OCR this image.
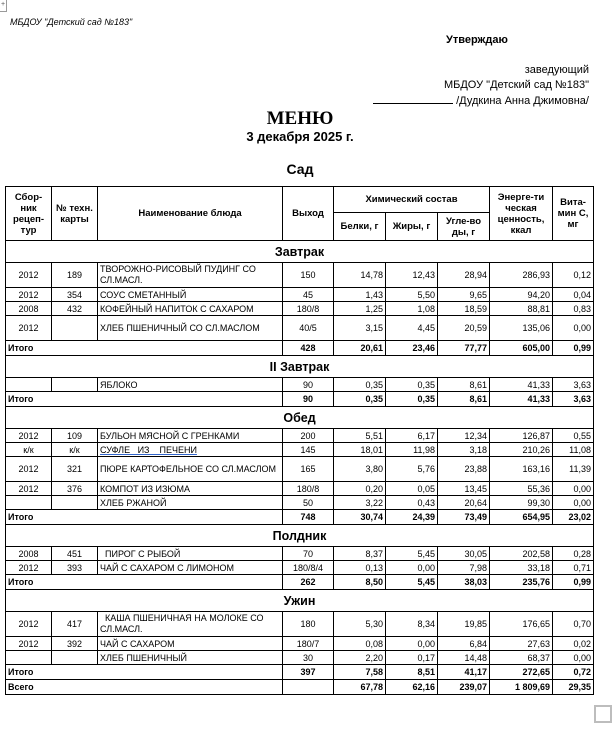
+
МБДОУ "Детский сад №183"
Утверждаю
заведующий
МБДОУ "Детский сад №183"
/Дудкина Анна Джимовна/
МЕНЮ
3 декабря 2025 г.
Сад
Сбор-ник рецеп-тур	№ техн. карты	Наименование блюда	Выход	Химический состав			Энерге-ти ческая ценность, ккал	Вита-мин С, мг
				Белки, г	Жиры, г	Угле-во ды, г		
Завтрак								
2012	189	ТВОРОЖНО-РИСОВЫЙ ПУДИНГ СО СЛ.МАСЛ.	150	14,78	12,43	28,94	286,93	0,12
2012	354	СОУС СМЕТАННЫЙ	45	1,43	5,50	9,65	94,20	0,04
2008	432	КОФЕЙНЫЙ НАПИТОК С САХАРОМ	180/8	1,25	1,08	18,59	88,81	0,83
2012		ХЛЕБ ПШЕНИЧНЫЙ СО СЛ.МАСЛОМ	40/5	3,15	4,45	20,59	135,06	0,00
Итого			428	20,61	23,46	77,77	605,00	0,99
II Завтрак								
		ЯБЛОКО	90	0,35	0,35	8,61	41,33	3,63
Итого			90	0,35	0,35	8,61	41,33	3,63
Обед								
2012	109	БУЛЬОН МЯСНОЙ С ГРЕНКАМИ	200	5,51	6,17	12,34	126,87	0,55
к/к	к/к	СУФЛЕ   ИЗ    ПЕЧЕНИ	145	18,01	11,98	3,18	210,26	11,08
2012	321	ПЮРЕ КАРТОФЕЛЬНОЕ СО СЛ.МАСЛОМ	165	3,80	5,76	23,88	163,16	11,39
2012	376	КОМПОТ ИЗ ИЗЮМА	180/8	0,20	0,05	13,45	55,36	0,00
		ХЛЕБ РЖАНОЙ	50	3,22	0,43	20,64	99,30	0,00
Итого			748	30,74	24,39	73,49	654,95	23,02
Полдник								
2008	451	ПИРОГ С РЫБОЙ	70	8,37	5,45	30,05	202,58	0,28
2012	393	ЧАЙ С САХАРОМ С ЛИМОНОМ	180/8/4	0,13	0,00	7,98	33,18	0,71
Итого			262	8,50	5,45	38,03	235,76	0,99
Ужин								
2012	417	КАША ПШЕНИЧНАЯ НА МОЛОКЕ СО СЛ.МАСЛ.	180	5,30	8,34	19,85	176,65	0,70
2012	392	ЧАЙ С САХАРОМ	180/7	0,08	0,00	6,84	27,63	0,02
		ХЛЕБ ПШЕНИЧНЫЙ	30	2,20	0,17	14,48	68,37	0,00
Итого			397	7,58	8,51	41,17	272,65	0,72
Всего				67,78	62,16	239,07	1 809,69	29,35
